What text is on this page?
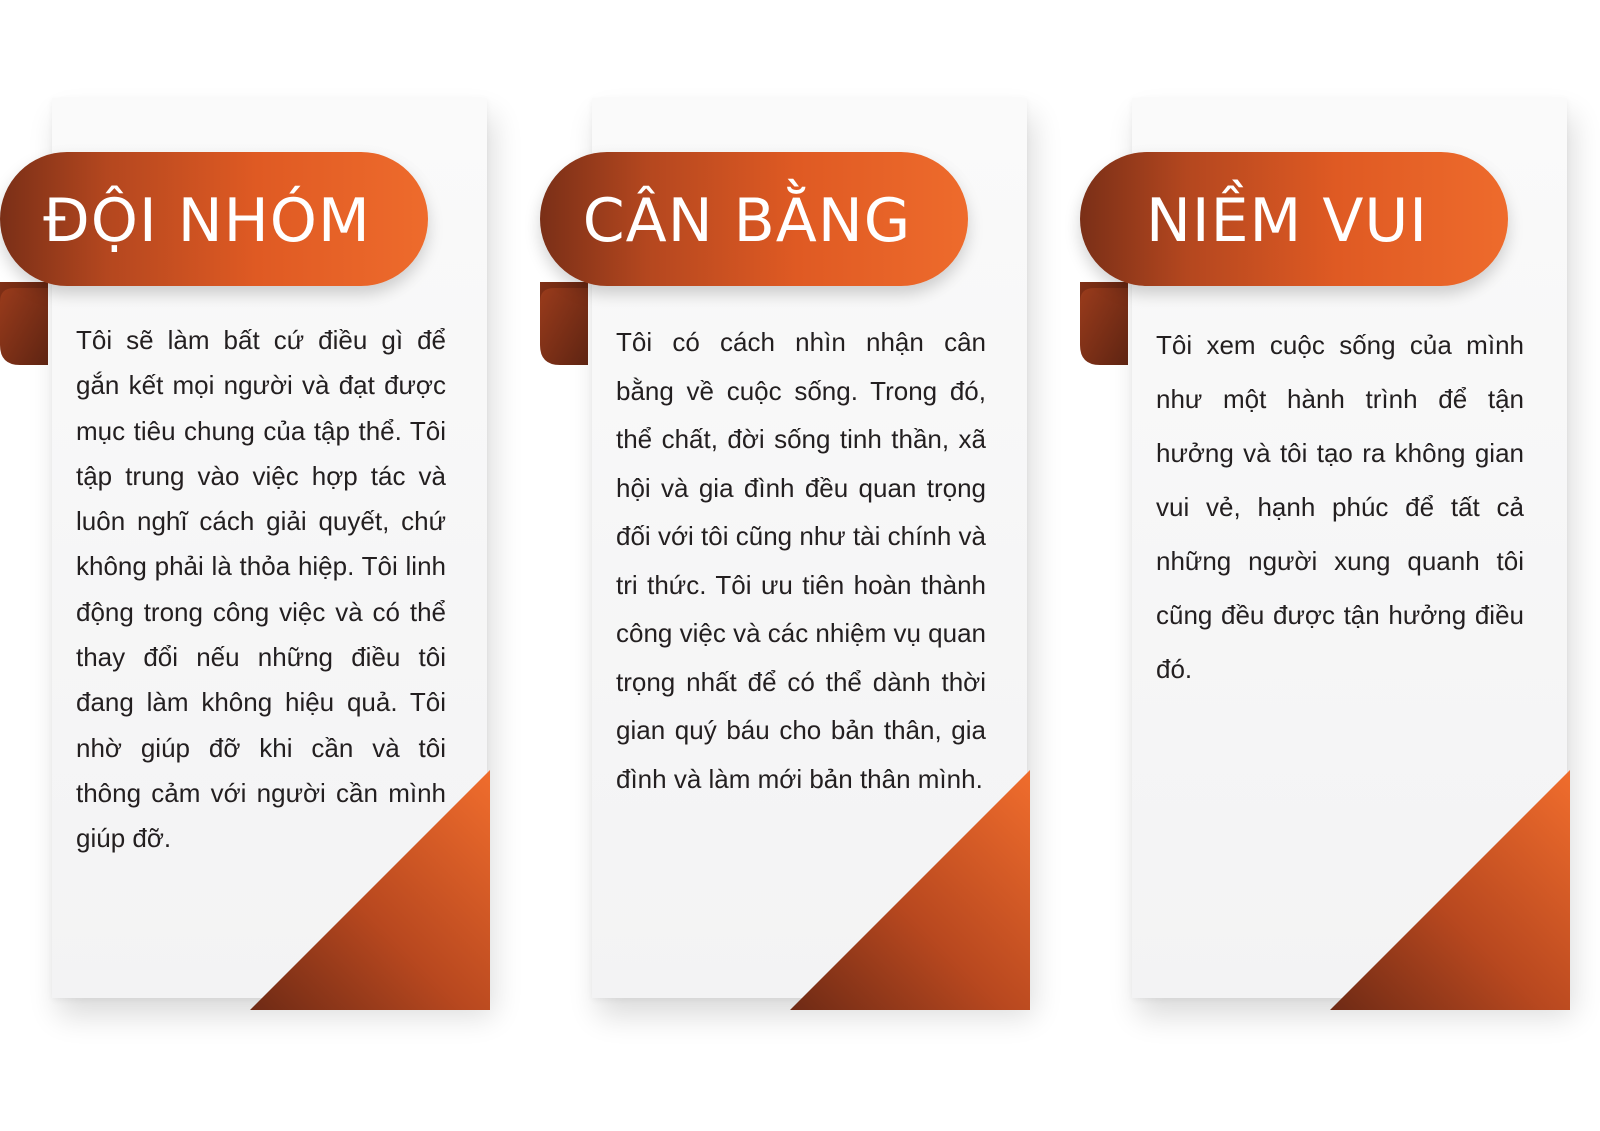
ĐỘI NHÓM

Tôi sẽ làm bất cứ điều gì để gắn kết mọi người và đạt được mục tiêu chung của tập thể. Tôi tập trung vào việc hợp tác và luôn nghĩ cách giải quyết, chứ không phải là thỏa hiệp. Tôi linh động trong công việc và có thể thay đổi nếu những điều tôi đang làm không hiệu quả. Tôi nhờ giúp đỡ khi cần và tôi thông cảm với người cần mình giúp đỡ.

CÂN BẰNG

Tôi có cách nhìn nhận cân bằng về cuộc sống. Trong đó, thể chất, đời sống tinh thần, xã hội và gia đình đều quan trọng đối với tôi cũng như tài chính và tri thức. Tôi ưu tiên hoàn thành công việc và các nhiệm vụ quan trọng nhất để có thể dành thời gian quý báu cho bản thân, gia đình và làm mới bản thân mình.

NIỀM VUI

Tôi xem cuộc sống của mình như một hành trình để tận hưởng và tôi tạo ra không gian vui vẻ, hạnh phúc để tất cả những người xung quanh tôi cũng đều được tận hưởng điều đó.
